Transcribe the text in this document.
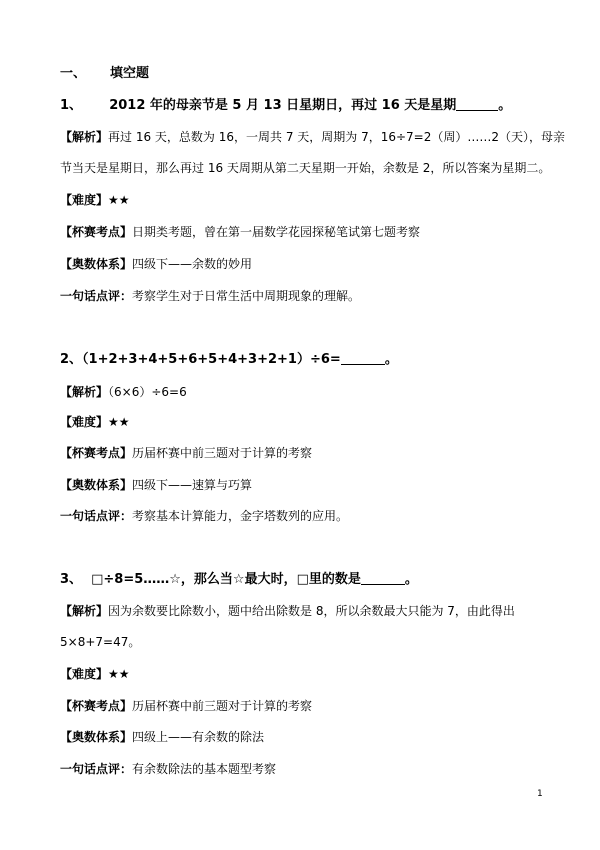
一、 填空题
1、 2012 年的母亲节是 5 月 13 日星期日，再过 16 天是星期	。
【解析】再过 16 天，总数为 16，一周共 7 天，周期为 7，16÷7=2（周）……2（天），母亲
节当天是星期日，那么再过 16 天周期从第二天星期一开始，余数是 2，所以答案为星期二。
【难度】★★
【杯赛考点】日期类考题，曾在第一届数学花园探秘笔试第七题考察
【奥数体系】四级下——余数的妙用
一句话点评：考察学生对于日常生活中周期现象的理解。
2、（1+2+3+4+5+6+5+4+3+2+1）÷6=	。
【解析】（6×6）÷6=6
【难度】★★
【杯赛考点】历届杯赛中前三题对于计算的考察
【奥数体系】四级下——速算与巧算
一句话点评：考察基本计算能力，金字塔数列的应用。
3、 □÷8=5……☆，那么当☆最大时，□里的数是	。
【解析】因为余数要比除数小，题中给出除数是 8，所以余数最大只能为 7，由此得出
5×8+7=47。
【难度】★★
【杯赛考点】历届杯赛中前三题对于计算的考察
【奥数体系】四级上——有余数的除法
一句话点评：有余数除法的基本题型考察
1
